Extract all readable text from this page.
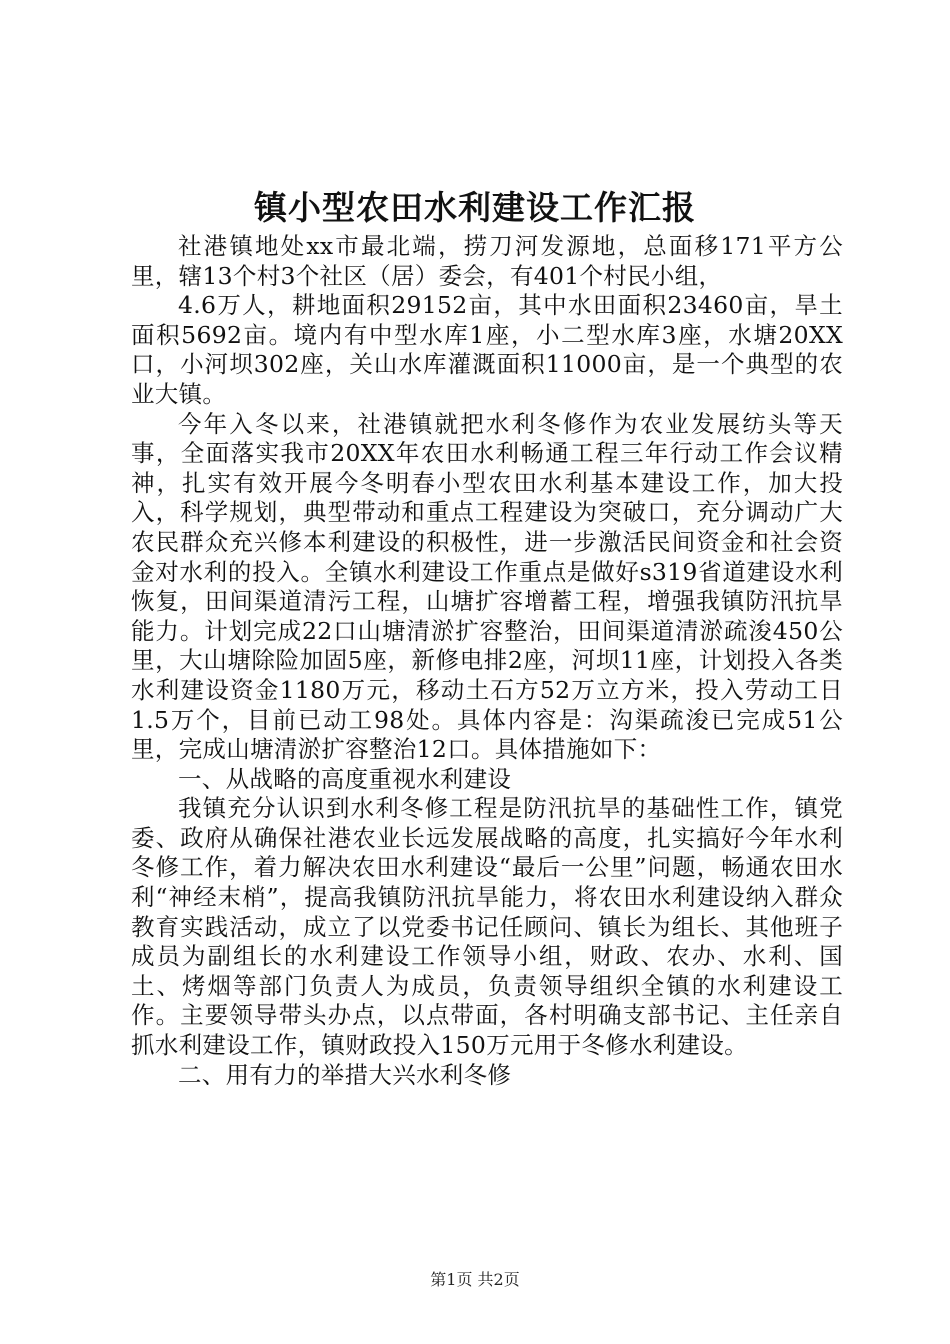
镇小型农田水利建设工作汇报

社港镇地处xx市最北端，捞刀河发源地，总面移171平方公里，辖13个村3个社区（居）委会，有401个村民小组，

4.6万人，耕地面积29152亩，其中水田面积23460亩，旱土面积5692亩。境内有中型水库1座，小二型水库3座，水塘20XX口，小河坝302座，关山水库灌溉面积11000亩，是一个典型的农业大镇。

今年入冬以来，社港镇就把水利冬修作为农业发展纺头等天事，全面落实我市20XX年农田水利畅通工程三年行动工作会议精神，扎实有效开展今冬明春小型农田水利基本建设工作，加大投入，科学规划，典型带动和重点工程建设为突破口，充分调动广大农民群众充兴修本利建设的积极性，进一步激活民间资金和社会资金对水利的投入。全镇水利建设工作重点是做好s319省道建设水利恢复，田间渠道清污工程，山塘扩容增蓄工程，增强我镇防汛抗旱能力。计划完成22口山塘清淤扩容整治，田间渠道清淤疏浚450公里，大山塘除险加固5座，新修电排2座，河坝11座，计划投入各类水利建设资金1180万元，移动土石方52万立方米，投入劳动工日1.5万个，目前已动工98处。具体内容是：沟渠疏浚已完成51公里，完成山塘清淤扩容整治12口。具体措施如下：

一、从战略的高度重视水利建设

我镇充分认识到水利冬修工程是防汛抗旱的基础性工作，镇党委、政府从确保社港农业长远发展战略的高度，扎实搞好今年水利冬修工作，着力解决农田水利建设“最后一公里”问题，畅通农田水利“神经末梢”，提高我镇防汛抗旱能力，将农田水利建设纳入群众教育实践活动，成立了以党委书记任顾问、镇长为组长、其他班子成员为副组长的水利建设工作领导小组，财政、农办、水利、国土、烤烟等部门负责人为成员，负责领导组织全镇的水利建设工作。主要领导带头办点，以点带面，各村明确支部书记、主任亲自抓水利建设工作，镇财政投入150万元用于冬修水利建设。

二、用有力的举措大兴水利冬修

第1页 共2页
